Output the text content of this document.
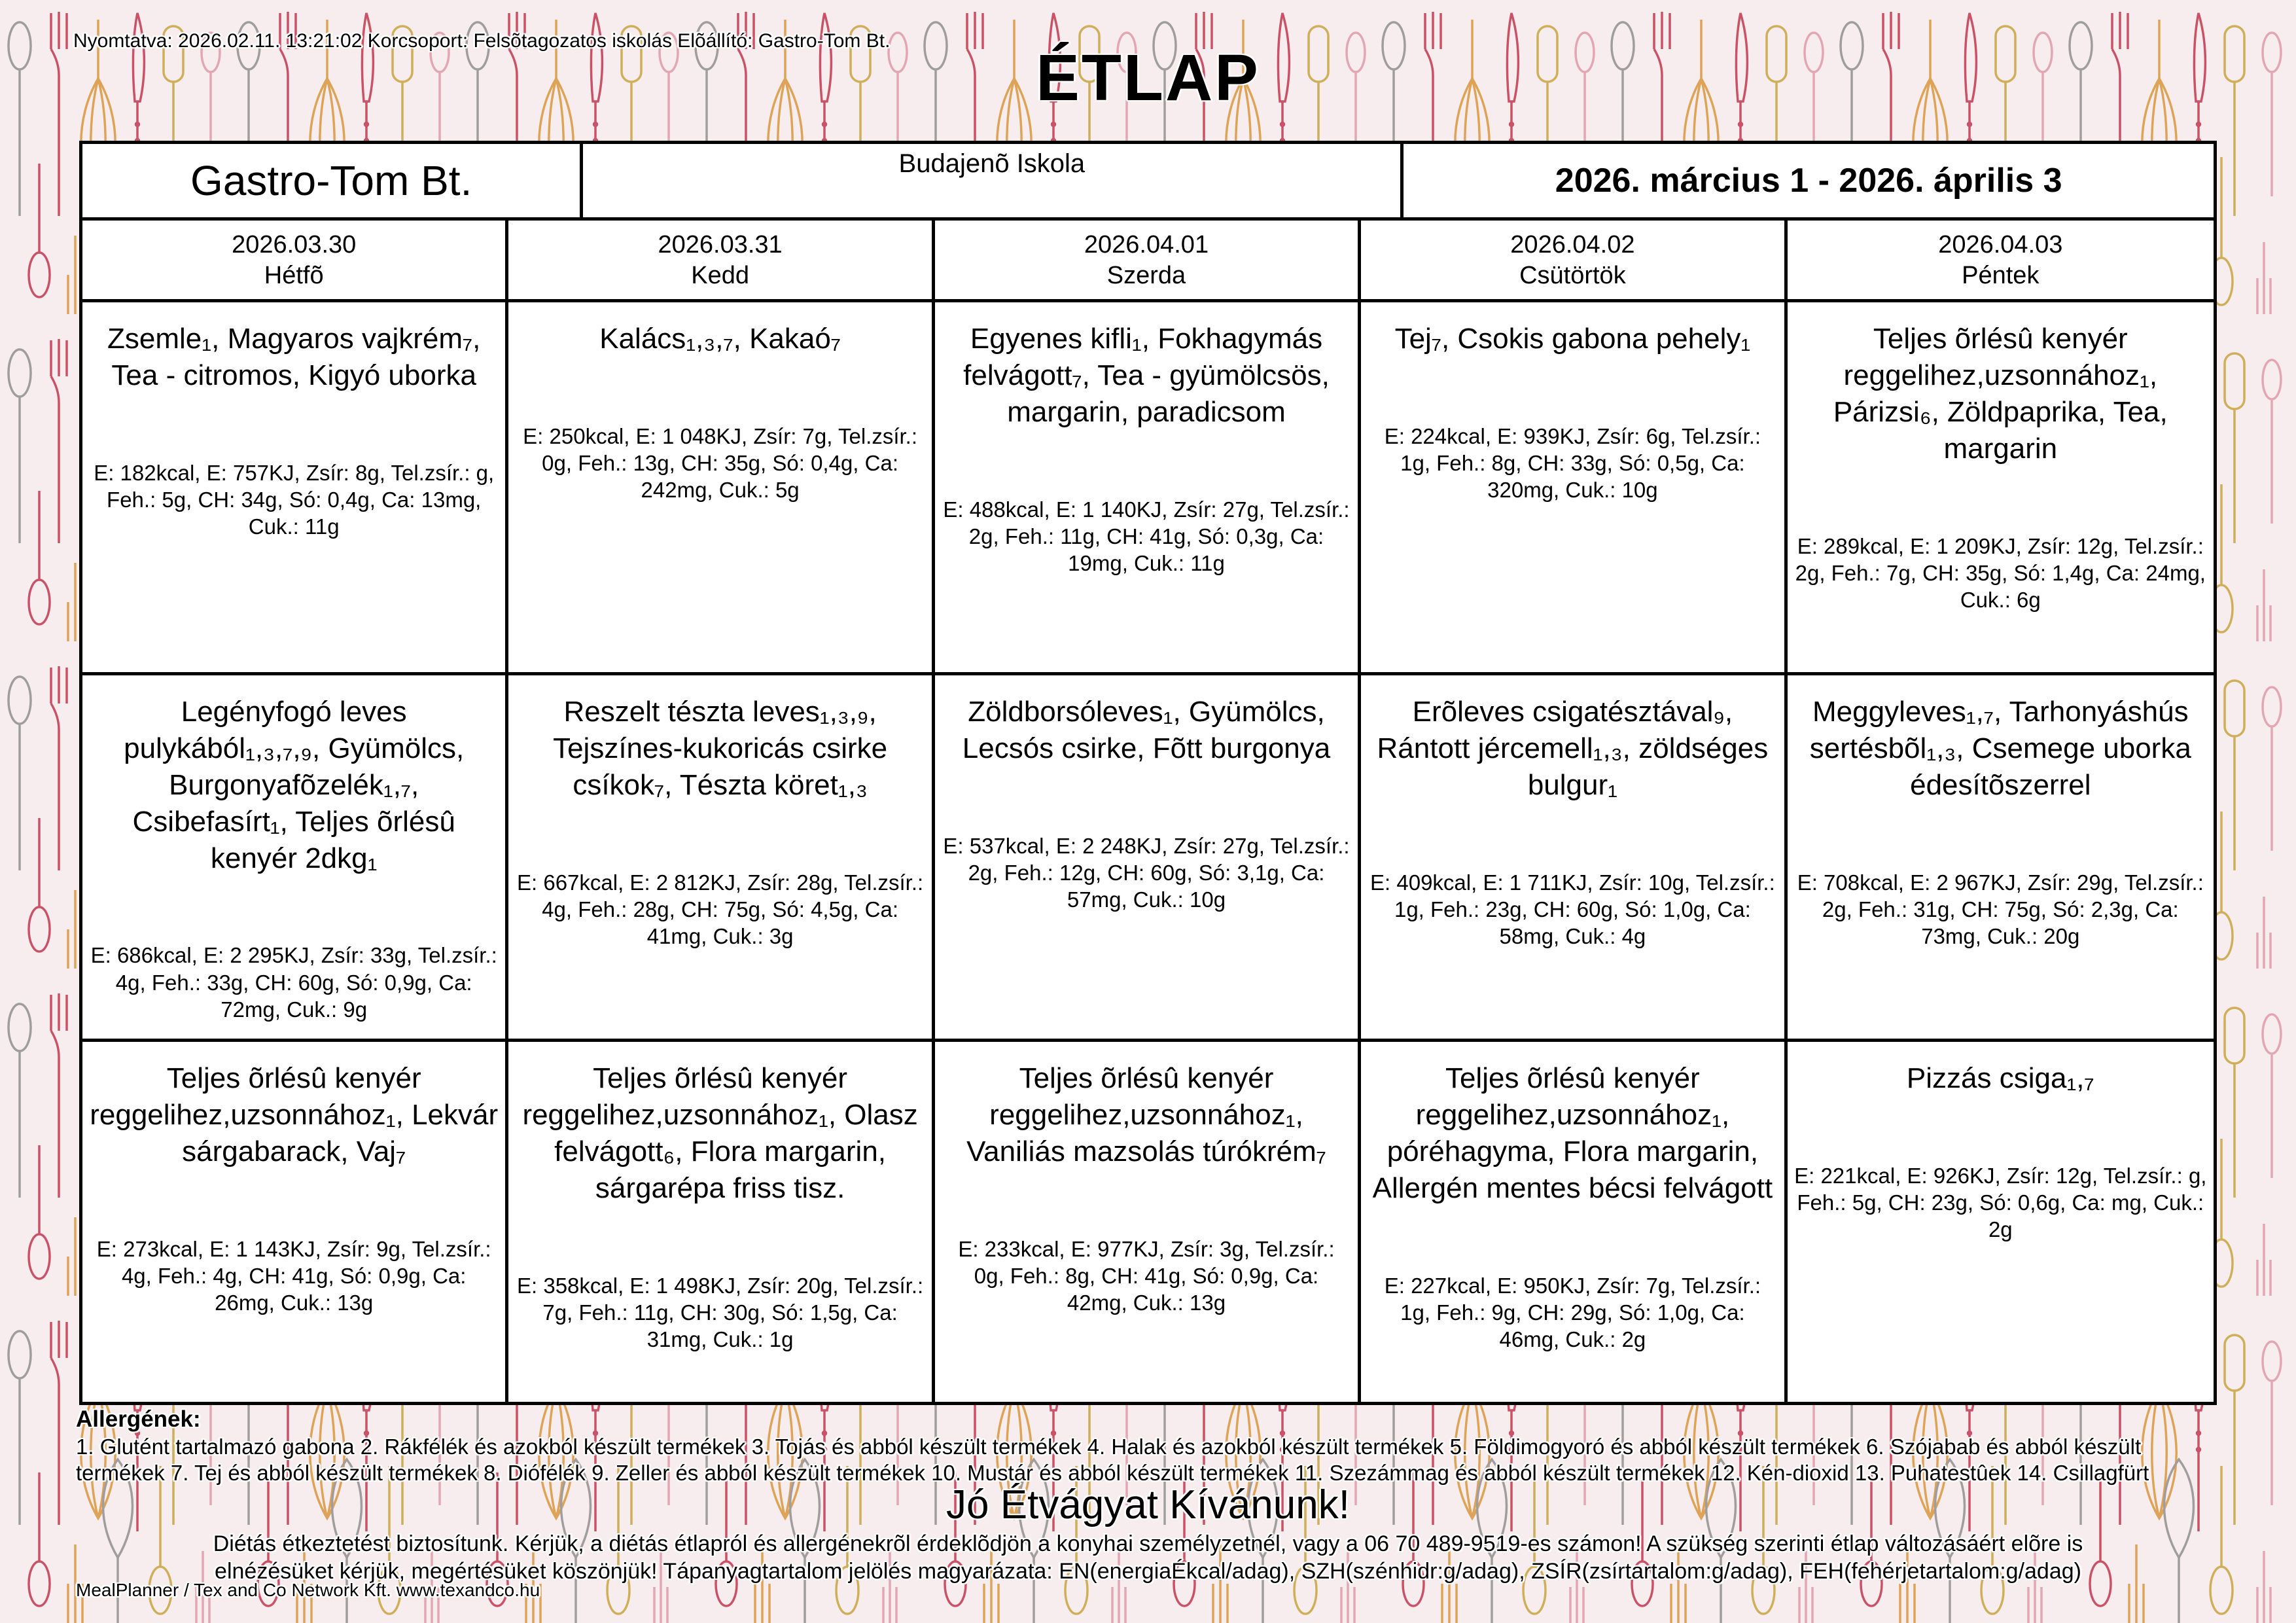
Nyomtatva: 2026.02.11. 13:21:02 Korcsoport: Felsõtagozatos iskolás Elõállító: Gastro-Tom Bt.
ÉTLAP
Gastro-Tom Bt.	Budajenõ Iskola	2026. március 1 - 2026. április 3
2026.03.30
Hétfõ
2026.03.31
Kedd
2026.04.01
Szerda
2026.04.02
Csütörtök
2026.04.03
Péntek
Zsemle₁, Magyaros vajkrém₇, Tea - citromos, Kigyó uborka
E: 182kcal, E: 757KJ, Zsír: 8g, Tel.zsír.: g, Feh.: 5g, CH: 34g, Só: 0,4g, Ca: 13mg, Cuk.: 11g
Kalács₁,₃,₇, Kakaó₇
E: 250kcal, E: 1 048KJ, Zsír: 7g, Tel.zsír.: 0g, Feh.: 13g, CH: 35g, Só: 0,4g, Ca: 242mg, Cuk.: 5g
Egyenes kifli₁, Fokhagymás felvágott₇, Tea - gyümölcsös, margarin, paradicsom
E: 488kcal, E: 1 140KJ, Zsír: 27g, Tel.zsír.: 2g, Feh.: 11g, CH: 41g, Só: 0,3g, Ca: 19mg, Cuk.: 11g
Tej₇, Csokis gabona pehely₁
E: 224kcal, E: 939KJ, Zsír: 6g, Tel.zsír.: 1g, Feh.: 8g, CH: 33g, Só: 0,5g, Ca: 320mg, Cuk.: 10g
Teljes õrlésû kenyér reggelihez,uzsonnához₁, Párizsi₆, Zöldpaprika, Tea, margarin
E: 289kcal, E: 1 209KJ, Zsír: 12g, Tel.zsír.: 2g, Feh.: 7g, CH: 35g, Só: 1,4g, Ca: 24mg, Cuk.: 6g
Legényfogó leves pulykából₁,₃,₇,₉, Gyümölcs, Burgonyafõzelék₁,₇, Csibefasírt₁, Teljes õrlésû kenyér 2dkg₁
E: 686kcal, E: 2 295KJ, Zsír: 33g, Tel.zsír.: 4g, Feh.: 33g, CH: 60g, Só: 0,9g, Ca: 72mg, Cuk.: 9g
Reszelt tészta leves₁,₃,₉, Tejszínes-kukoricás csirke csíkok₇, Tészta köret₁,₃
E: 667kcal, E: 2 812KJ, Zsír: 28g, Tel.zsír.: 4g, Feh.: 28g, CH: 75g, Só: 4,5g, Ca: 41mg, Cuk.: 3g
Zöldborsóleves₁, Gyümölcs, Lecsós csirke, Fõtt burgonya
E: 537kcal, E: 2 248KJ, Zsír: 27g, Tel.zsír.: 2g, Feh.: 12g, CH: 60g, Só: 3,1g, Ca: 57mg, Cuk.: 10g
Erõleves csigatésztával₉, Rántott jércemell₁,₃, zöldséges bulgur₁
E: 409kcal, E: 1 711KJ, Zsír: 10g, Tel.zsír.: 1g, Feh.: 23g, CH: 60g, Só: 1,0g, Ca: 58mg, Cuk.: 4g
Meggyleves₁,₇, Tarhonyáshús sertésbõl₁,₃, Csemege uborka édesítõszerrel
E: 708kcal, E: 2 967KJ, Zsír: 29g, Tel.zsír.: 2g, Feh.: 31g, CH: 75g, Só: 2,3g, Ca: 73mg, Cuk.: 20g
Teljes õrlésû kenyér reggelihez,uzsonnához₁, Lekvár sárgabarack, Vaj₇
E: 273kcal, E: 1 143KJ, Zsír: 9g, Tel.zsír.: 4g, Feh.: 4g, CH: 41g, Só: 0,9g, Ca: 26mg, Cuk.: 13g
Teljes õrlésû kenyér reggelihez,uzsonnához₁, Olasz felvágott₆, Flora margarin, sárgarépa friss tisz.
E: 358kcal, E: 1 498KJ, Zsír: 20g, Tel.zsír.: 7g, Feh.: 11g, CH: 30g, Só: 1,5g, Ca: 31mg, Cuk.: 1g
Teljes õrlésû kenyér reggelihez,uzsonnához₁, Vaniliás mazsolás túrókrém₇
E: 233kcal, E: 977KJ, Zsír: 3g, Tel.zsír.: 0g, Feh.: 8g, CH: 41g, Só: 0,9g, Ca: 42mg, Cuk.: 13g
Teljes õrlésû kenyér reggelihez,uzsonnához₁, póréhagyma, Flora margarin, Allergén mentes bécsi felvágott
E: 227kcal, E: 950KJ, Zsír: 7g, Tel.zsír.: 1g, Feh.: 9g, CH: 29g, Só: 1,0g, Ca: 46mg, Cuk.: 2g
Pizzás csiga₁,₇
E: 221kcal, E: 926KJ, Zsír: 12g, Tel.zsír.: g, Feh.: 5g, CH: 23g, Só: 0,6g, Ca: mg, Cuk.: 2g
Allergének:
1. Glutént tartalmazó gabona 2. Rákfélék és azokból készült termékek 3. Tojás és abból készült termékek 4. Halak és azokból készült termékek 5. Földimogyoró és abból készült termékek 6. Szójabab és abból készült
termékek 7. Tej és abból készült termékek 8. Diófélék 9. Zeller és abból készült termékek 10. Mustár és abból készült termékek 11. Szezámmag és abból készült termékek 12. Kén-dioxid 13. Puhatestûek 14. Csillagfürt
Jó Étvágyat Kívánunk!
Diétás étkeztetést biztosítunk. Kérjük, a diétás étlapról és allergénekrõl érdeklõdjön a konyhai személyzetnél, vagy a 06 70 489-9519-es számon! A szükség szerinti étlap változásáért elõre is
elnézésüket kérjük, megértésüket köszönjük! Tápanyagtartalom jelölés magyarázata: EN(energiaÉkcal/adag), SZH(szénhidr:g/adag), ZSÍR(zsírtartalom:g/adag), FEH(fehérjetartalom:g/adag)
MealPlanner / Tex and Co Network Kft. www.texandco.hu
